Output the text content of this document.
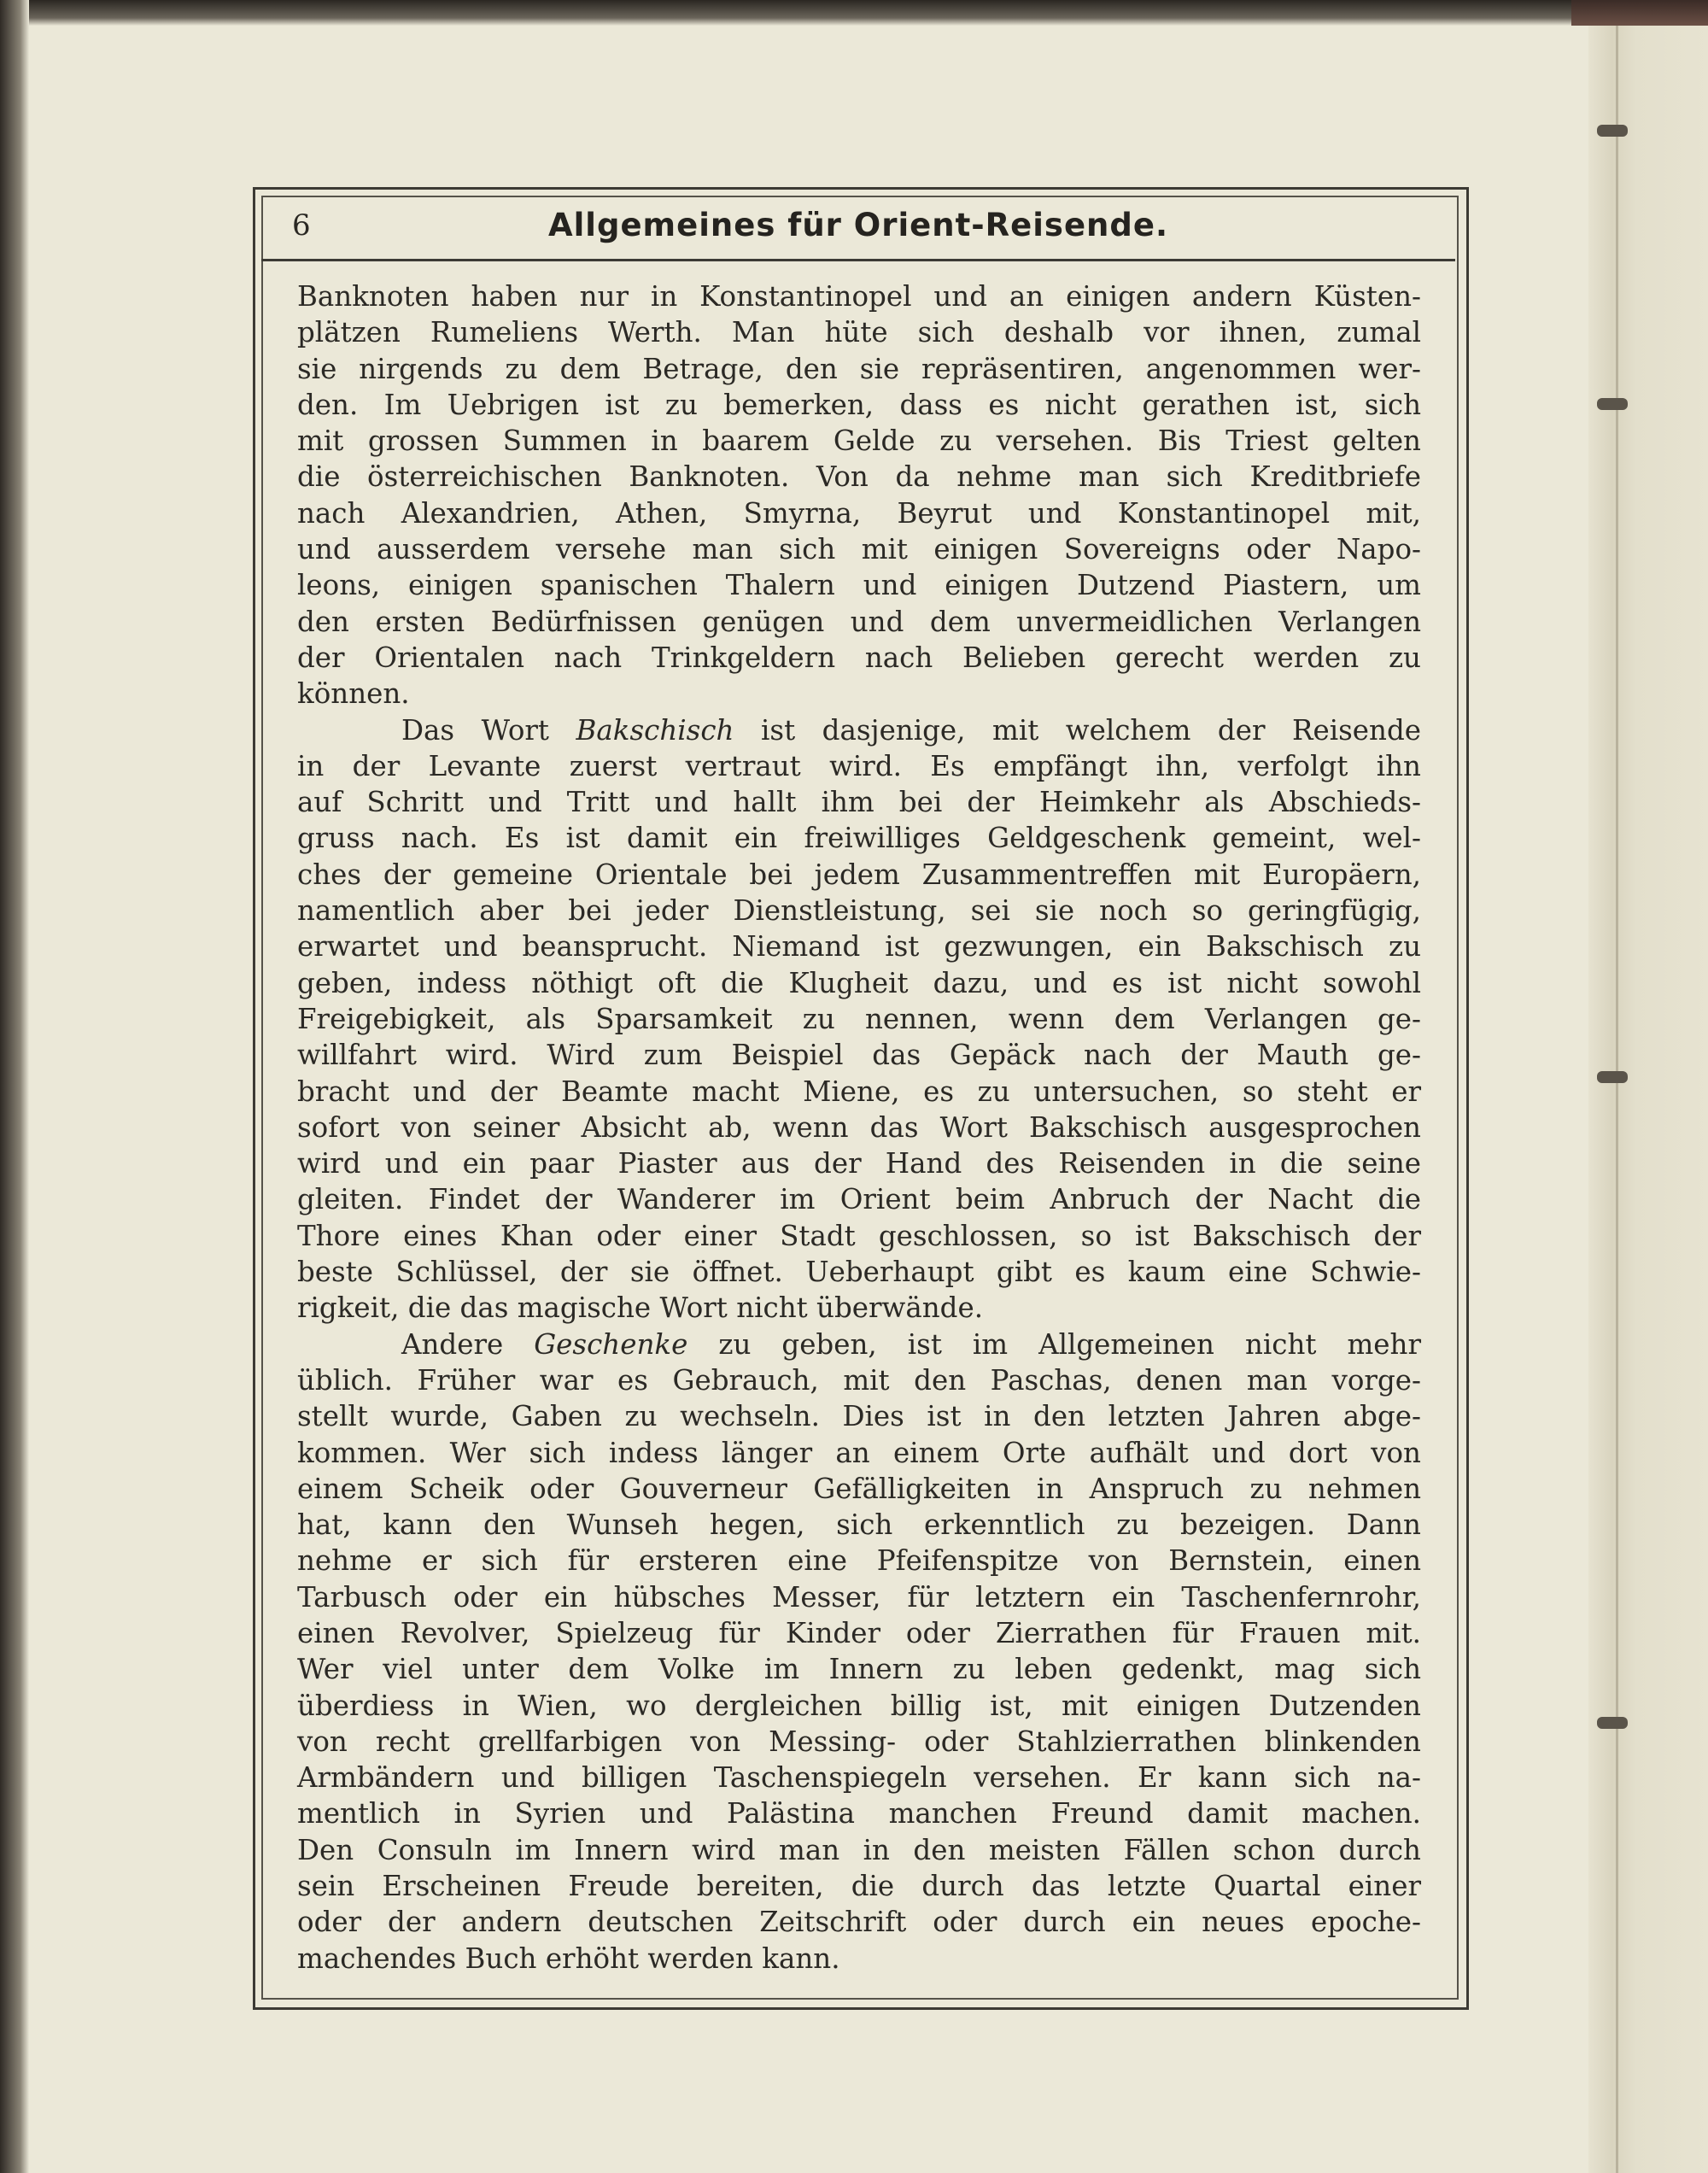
6	Allgemeines für Orient-Reisende.
Banknoten haben nur in Konstantinopel und an einigen andern Küsten-
plätzen Rumeliens Werth. Man hüte sich deshalb vor ihnen, zumal
sie nirgends zu dem Betrage, den sie repräsentiren, angenommen wer-
den. Im Uebrigen ist zu bemerken, dass es nicht gerathen ist, sich
mit grossen Summen in baarem Gelde zu versehen. Bis Triest gelten
die österreichischen Banknoten. Von da nehme man sich Kreditbriefe
nach Alexandrien, Athen, Smyrna, Beyrut und Konstantinopel mit,
und ausserdem versehe man sich mit einigen Sovereigns oder Napo-
leons, einigen spanischen Thalern und einigen Dutzend Piastern, um
den ersten Bedürfnissen genügen und dem unvermeidlichen Verlangen
der Orientalen nach Trinkgeldern nach Belieben gerecht werden zu
können.
Das Wort Bakschisch ist dasjenige, mit welchem der Reisende
in der Levante zuerst vertraut wird. Es empfängt ihn, verfolgt ihn
auf Schritt und Tritt und hallt ihm bei der Heimkehr als Abschieds-
gruss nach. Es ist damit ein freiwilliges Geldgeschenk gemeint, wel-
ches der gemeine Orientale bei jedem Zusammentreffen mit Europäern,
namentlich aber bei jeder Dienstleistung, sei sie noch so geringfügig,
erwartet und beansprucht. Niemand ist gezwungen, ein Bakschisch zu
geben, indess nöthigt oft die Klugheit dazu, und es ist nicht sowohl
Freigebigkeit, als Sparsamkeit zu nennen, wenn dem Verlangen ge-
willfahrt wird. Wird zum Beispiel das Gepäck nach der Mauth ge-
bracht und der Beamte macht Miene, es zu untersuchen, so steht er
sofort von seiner Absicht ab, wenn das Wort Bakschisch ausgesprochen
wird und ein paar Piaster aus der Hand des Reisenden in die seine
gleiten. Findet der Wanderer im Orient beim Anbruch der Nacht die
Thore eines Khan oder einer Stadt geschlossen, so ist Bakschisch der
beste Schlüssel, der sie öffnet. Ueberhaupt gibt es kaum eine Schwie-
rigkeit, die das magische Wort nicht überwände.
Andere Geschenke zu geben, ist im Allgemeinen nicht mehr
üblich. Früher war es Gebrauch, mit den Paschas, denen man vorge-
stellt wurde, Gaben zu wechseln. Dies ist in den letzten Jahren abge-
kommen. Wer sich indess länger an einem Orte aufhält und dort von
einem Scheik oder Gouverneur Gefälligkeiten in Anspruch zu nehmen
hat, kann den Wunseh hegen, sich erkenntlich zu bezeigen. Dann
nehme er sich für ersteren eine Pfeifenspitze von Bernstein, einen
Tarbusch oder ein hübsches Messer, für letztern ein Taschenfernrohr,
einen Revolver, Spielzeug für Kinder oder Zierrathen für Frauen mit.
Wer viel unter dem Volke im Innern zu leben gedenkt, mag sich
überdiess in Wien, wo dergleichen billig ist, mit einigen Dutzenden
von recht grellfarbigen von Messing- oder Stahlzierrathen blinkenden
Armbändern und billigen Taschenspiegeln versehen. Er kann sich na-
mentlich in Syrien und Palästina manchen Freund damit machen.
Den Consuln im Innern wird man in den meisten Fällen schon durch
sein Erscheinen Freude bereiten, die durch das letzte Quartal einer
oder der andern deutschen Zeitschrift oder durch ein neues epoche-
machendes Buch erhöht werden kann.
